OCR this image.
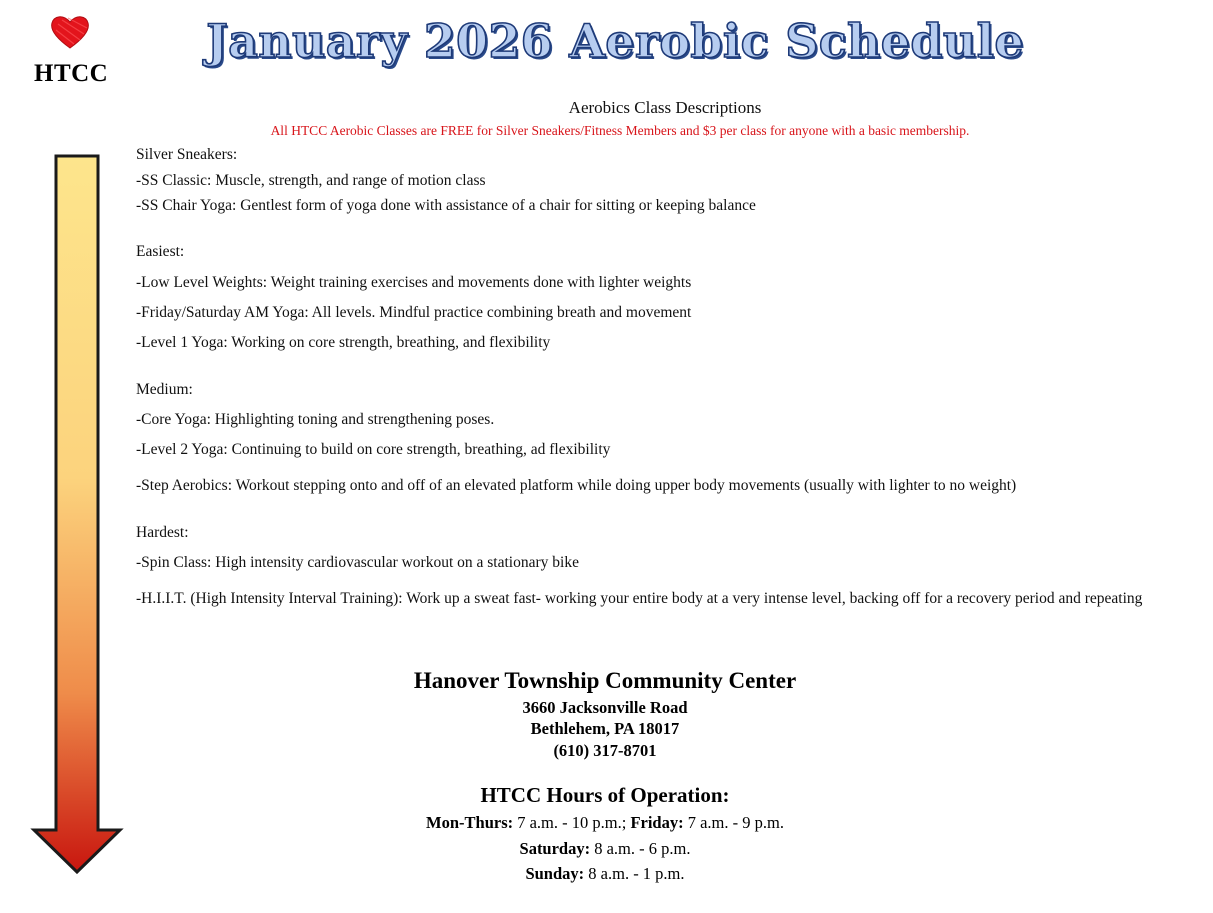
HTCC
January 2026 Aerobic Schedule
Aerobics Class Descriptions
All HTCC Aerobic Classes are FREE for Silver Sneakers/Fitness Members and $3 per class for anyone with a basic membership.
Silver Sneakers:
-SS Classic: Muscle, strength, and range of motion class
-SS Chair Yoga: Gentlest form of yoga done with assistance of a chair for sitting or keeping balance
Easiest:
-Low Level Weights: Weight training exercises and movements done with lighter weights
-Friday/Saturday AM Yoga: All levels. Mindful practice combining breath and movement
-Level 1 Yoga: Working on core strength, breathing, and flexibility
Medium:
-Core Yoga: Highlighting toning and strengthening poses.
-Level 2 Yoga: Continuing to build on core strength, breathing, ad flexibility
-Step Aerobics: Workout stepping onto and off of an elevated platform while doing upper body movements (usually with lighter to no weight)
Hardest:
-Spin Class: High intensity cardiovascular workout on a stationary bike
-H.I.I.T. (High Intensity Interval Training): Work up a sweat fast- working your entire body at a very intense level, backing off for a recovery period and repeating
Hanover Township Community Center
3660 Jacksonville Road
Bethlehem, PA 18017
(610) 317-8701
HTCC Hours of Operation:
Mon-Thurs: 7 a.m. - 10 p.m.; Friday: 7 a.m. - 9 p.m.
Saturday: 8 a.m. - 6 p.m.
Sunday: 8 a.m. - 1 p.m.
